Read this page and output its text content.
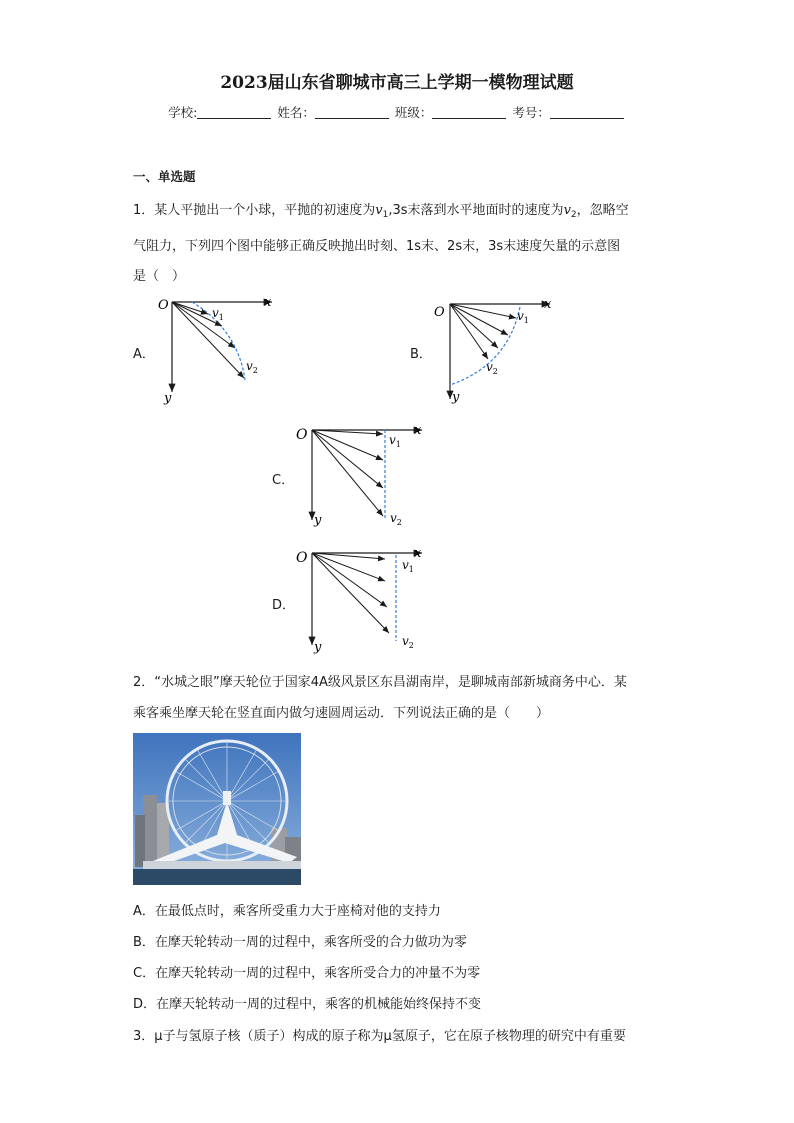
2023届山东省聊城市高三上学期一模物理试题
学校:	姓名：	班级：	考号：
一、单选题
1．某人平抛出一个小球，平抛的初速度为$v_1,3s$末落到水平地面时的速度为$v_2$，忽略空
气阻力，下列四个图中能够正确反映抛出时刻、1s末、2s末，3s末速度矢量的示意图
是（　）
A．	B．
C．
D．
O	x
y
$v_1$
$v_2$
O
x
y
$v_1$
$v_2$
O	x
y
$v_1$
$v_2$
O	x
y
$v_1$
$v_2$
2．“水城之眼”摩天轮位于国家4A级风景区东昌湖南岸，是聊城南部新城商务中心．某
乘客乘坐摩天轮在竖直面内做匀速圆周运动．下列说法正确的是（　　）
A．在最低点时，乘客所受重力大于座椅对他的支持力
B．在摩天轮转动一周的过程中，乘客所受的合力做功为零
C．在摩天轮转动一周的过程中，乘客所受合力的冲量不为零
D．在摩天轮转动一周的过程中，乘客的机械能始终保持不变
3．μ子与氢原子核（质子）构成的原子称为μ氢原子，它在原子核物理的研究中有重要
